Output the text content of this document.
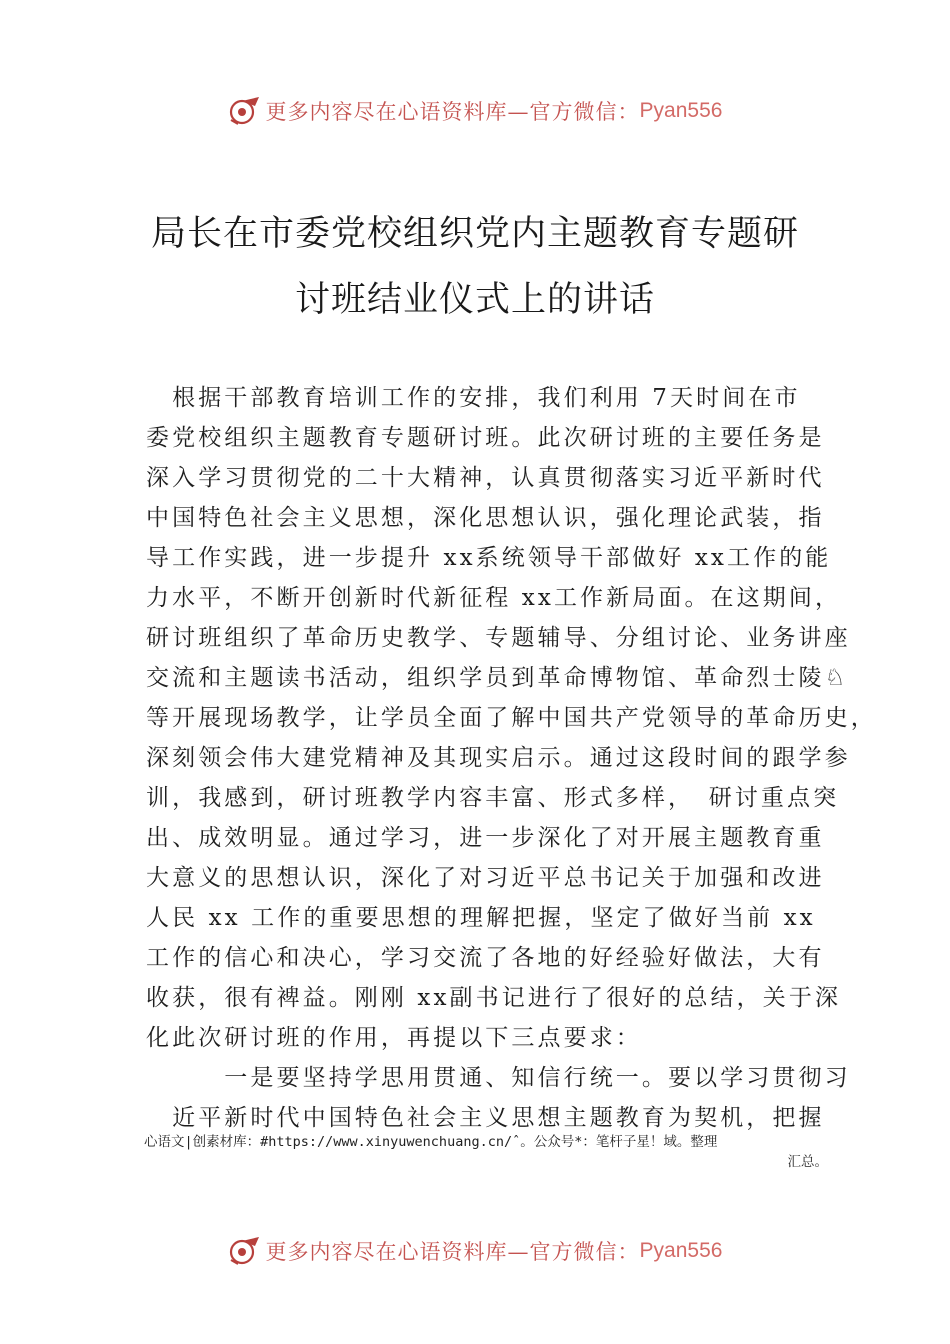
更多内容尽在心语资料库—官方微信：Pyan556
局长在市委党校组织党内主题教育专题研
讨班结业仪式上的讲话
　根据干部教育培训工作的安排，我们利用 7天时间在市
委党校组织主题教育专题研讨班。此次研讨班的主要任务是
深入学习贯彻党的二十大精神，认真贯彻落实习近平新时代
中国特色社会主义思想，深化思想认识，强化理论武装，指
导工作实践，进一步提升 xx系统领导干部做好 xx工作的能
力水平，不断开创新时代新征程 xx工作新局面。在这期间，
研讨班组织了革命历史教学、专题辅导、分组讨论、业务讲座
交流和主题读书活动，组织学员到革命博物馆、革命烈士陵♘
等开展现场教学，让学员全面了解中国共产党领导的革命历史，
深刻领会伟大建党精神及其现实启示。通过这段时间的跟学参
训，我感到，研讨班教学内容丰富、形式多样，　研讨重点突
出、成效明显。通过学习，进一步深化了对开展主题教育重
大意义的思想认识，深化了对习近平总书记关于加强和改进
人民 xx 工作的重要思想的理解把握，坚定了做好当前 xx
工作的信心和决心，学习交流了各地的好经验好做法，大有
收获，很有裨益。刚刚 xx副书记进行了很好的总结，关于深
化此次研讨班的作用，再提以下三点要求：
　　　一是要坚持学思用贯通、知信行统一。要以学习贯彻习
　近平新时代中国特色社会主义思想主题教育为契机，把握
心语文|创素材库：#https://www.xinyuwenchuang.cn/ˆ。公众号*：笔杆子星！域。整理
汇总。
更多内容尽在心语资料库—官方微信：Pyan556
